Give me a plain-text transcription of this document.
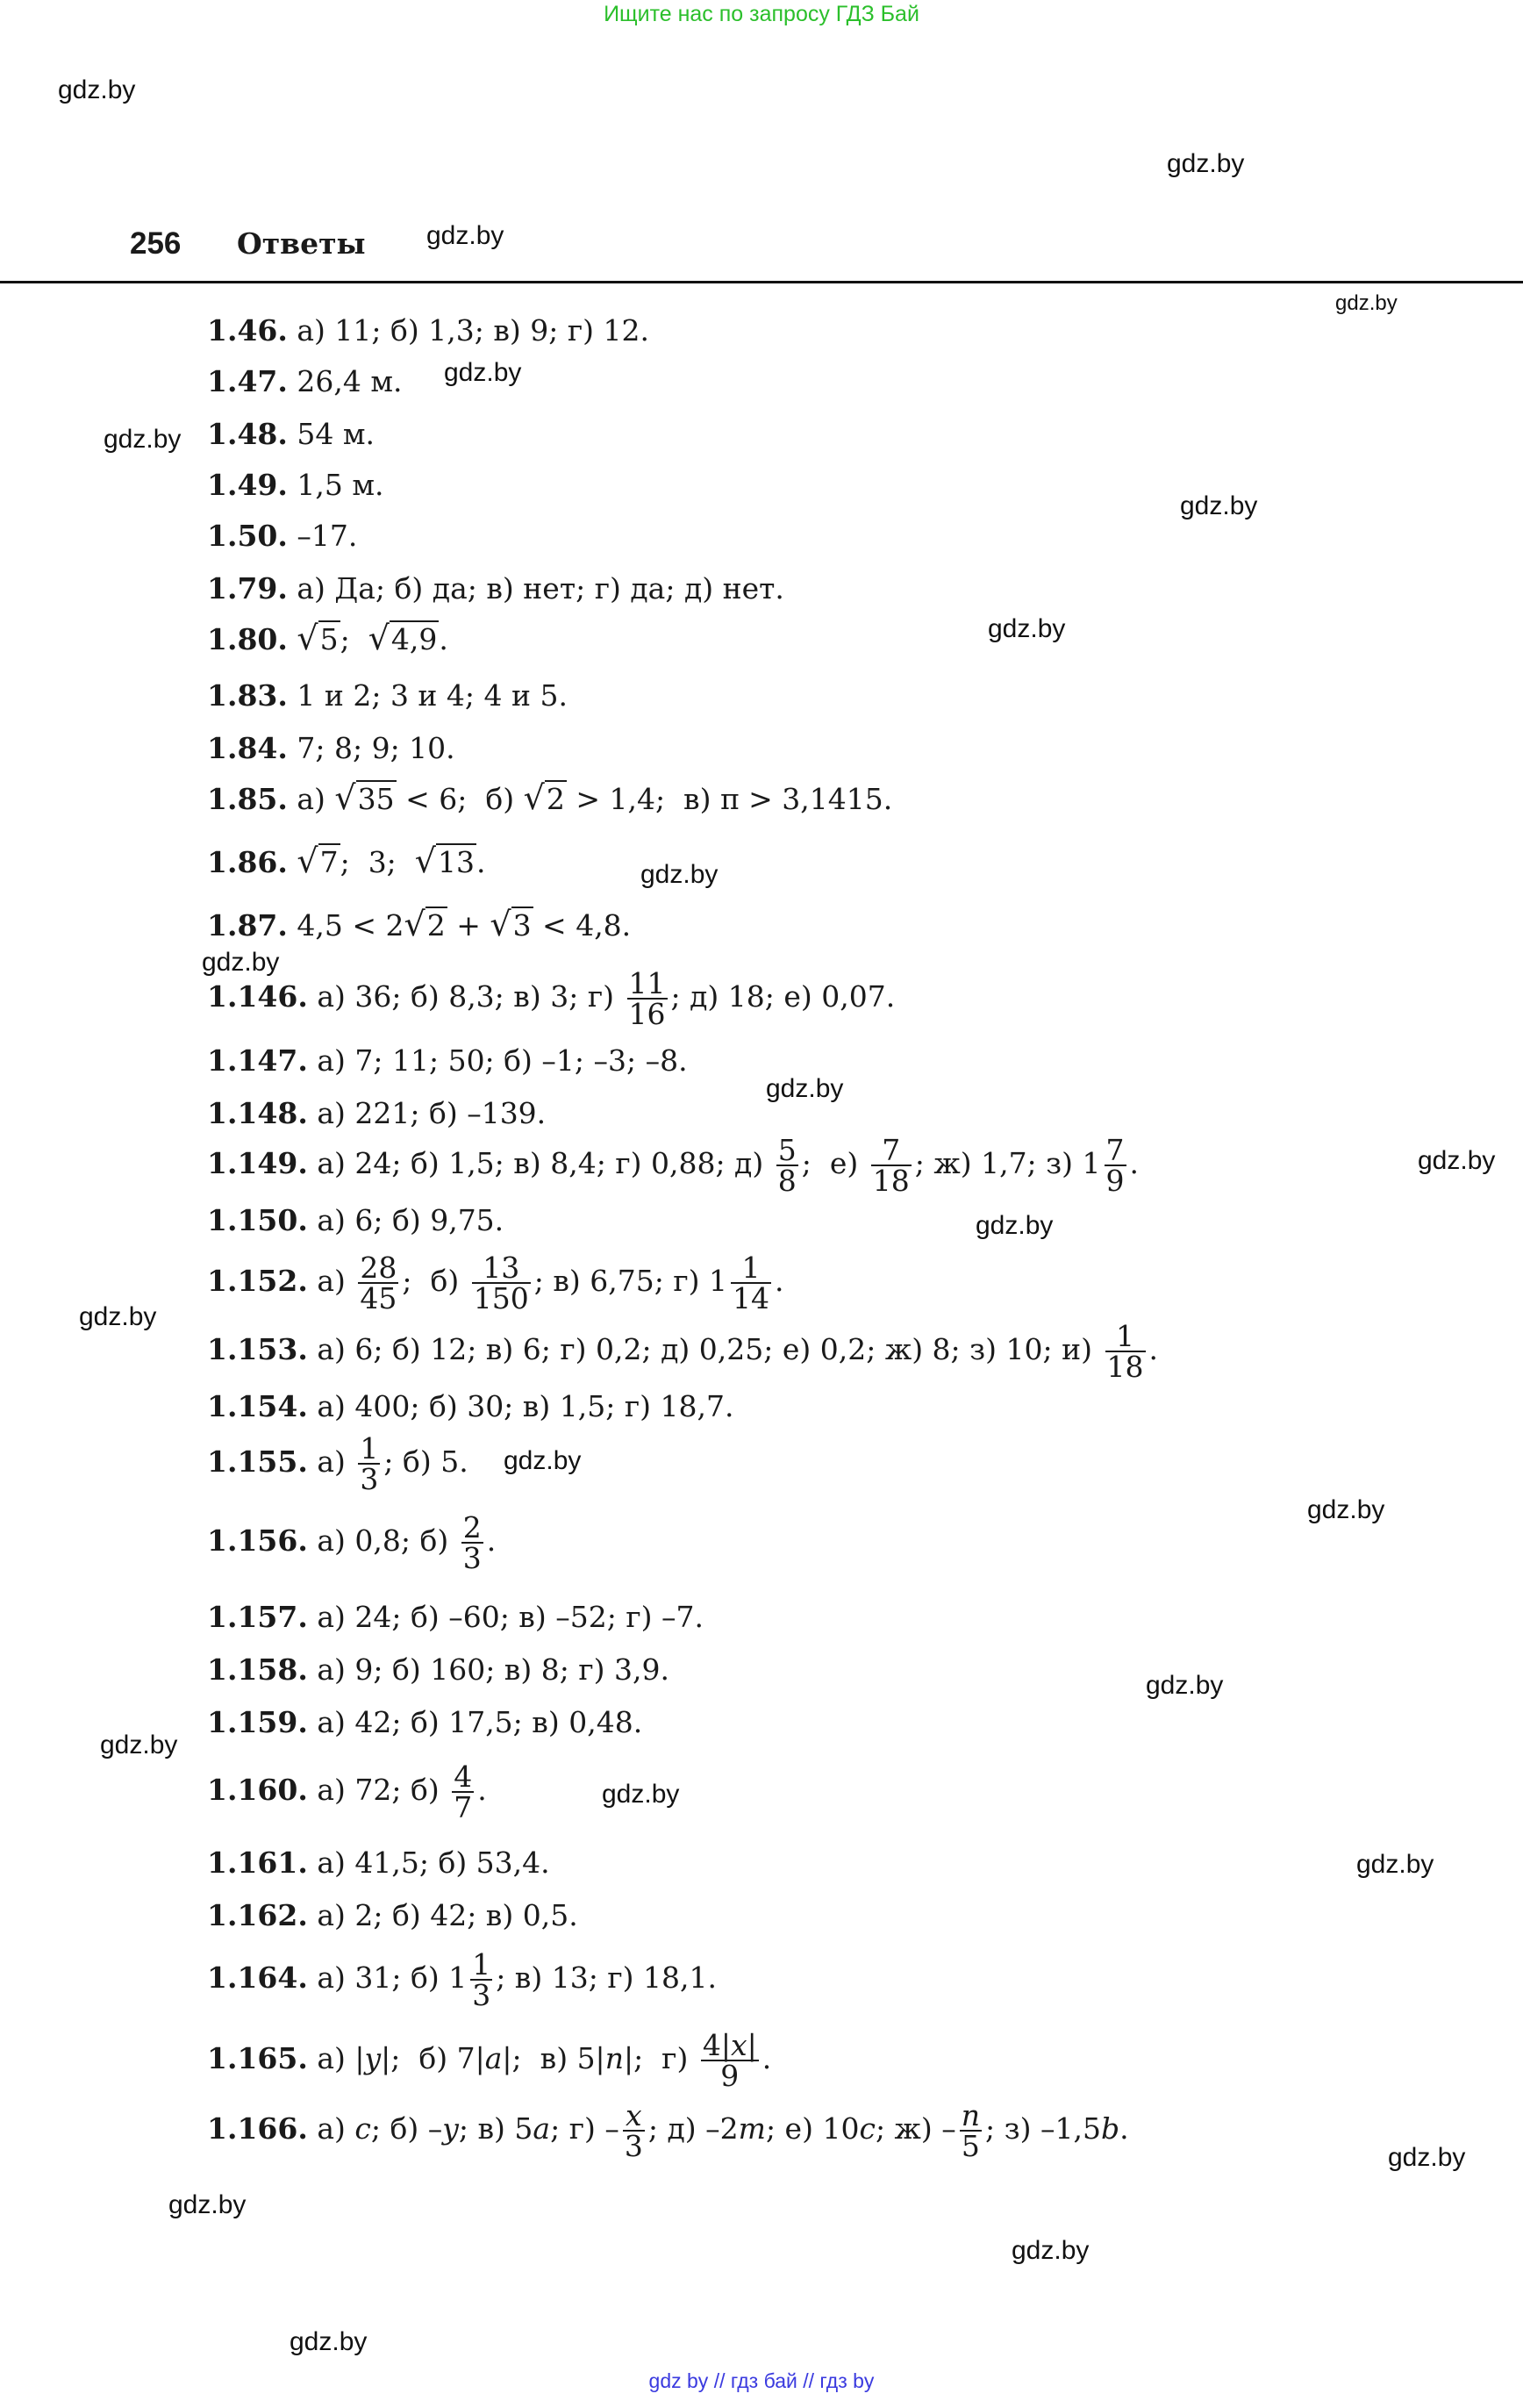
Ищите нас по запросу ГДЗ Бай
256 Ответы
gdz.by
gdz.by
gdz.by
gdz.by
gdz.by
gdz.by
gdz.by
gdz.by
gdz.by
gdz.by
gdz.by
gdz.by
gdz.by
gdz.by
gdz.by
gdz.by
gdz.by
gdz.by
gdz.by
gdz.by
gdz.by
gdz.by
gdz.by
gdz.by
1.46. а) 11; б) 1,3; в) 9; г) 12.
1.47. 26,4 м.
1.48. 54 м.
1.49. 1,5 м.
1.50. –17.
1.79. а) Да; б) да; в) нет; г) да; д) нет.
1.80. √5;  √4,9.
1.83. 1 и 2; 3 и 4; 4 и 5.
1.84. 7; 8; 9; 10.
1.85. а) √35 < 6;  б) √2 > 1,4;  в) π > 3,1415.
1.86. √7;  3;  √13.
1.87. 4,5 < 2√2 + √3 < 4,8.
1.146. а) 36; б) 8,3; в) 3; $г) \frac{11}{16}$ ; д) 18; е) 0,07.
1.147. а) 7; 11; 50; б) –1; –3; –8.
1.148. а) 221; б) –139.
1.149. а) 24; б) 1,5; в) 8,4; г) 0,88; $д) \frac{5}{8}$ ;  $е) \frac{7}{18}$ ; ж) 1,7; з) $1 \frac{7}{9}$ .
1.150. а) 6; б) 9,75.
1.152. $а) \frac{28}{45}$ ;  $б) \frac{13}{150}$ ; в) 6,75; г) $1 \frac{1}{14}$ .
1.153. а) 6; б) 12; в) 6; г) 0,2; д) 0,25; е) 0,2; ж) 8; з) 10; $и) \frac{1}{18}$ .
1.154. а) 400; б) 30; в) 1,5; г) 18,7.
1.155. $а) \frac{1}{3}$ ; б) 5.
1.156. а) 0,8; $б) \frac{2}{3}$ .
1.157. а) 24; б) –60; в) –52; г) –7.
1.158. а) 9; б) 160; в) 8; г) 3,9.
1.159. а) 42; б) 17,5; в) 0,48.
1.160. а) 72; $б) \frac{4}{7}$ .
1.161. а) 41,5; б) 53,4.
1.162. а) 2; б) 42; в) 0,5.
1.164. а) 31; б) $1 \frac{1}{3}$ ; в) 13; г) 18,1.
1.165. а) |y|;  б) 7|a|;  в) 5|n|;  $г) \frac{4|x|}{9}$ .
1.166. а) c; б) –y; в) 5a; $г) - \frac{x}{3}$ ; д) –2m; е) 10c; $ж) - \frac{n}{5}$ ; з) –1,5b.
gdz by // гдз бай // гдз by
